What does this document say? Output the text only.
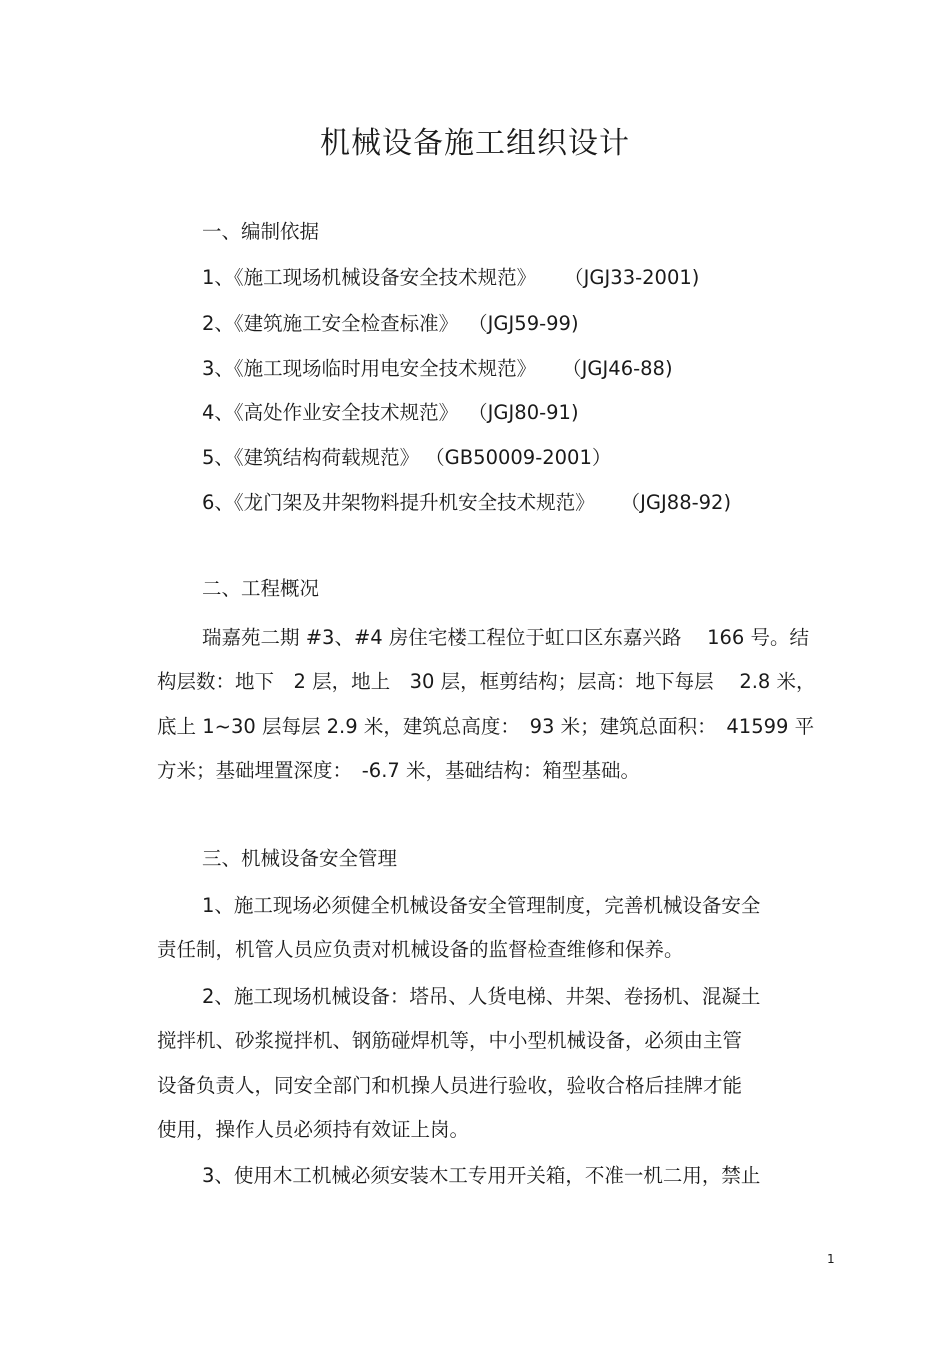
机械设备施工组织设计
一、编制依据
1、《施工现场机械设备安全技术规范》 （JGJ33-2001)
2、《建筑施工安全检查标准》 （JGJ59-99)
3、《施工现场临时用电安全技术规范》 （JGJ46-88)
4、《高处作业安全技术规范》 （JGJ80-91)
5、《建筑结构荷载规范》 （GB50009-2001）
6、《龙门架及井架物料提升机安全技术规范》 （JGJ88-92)
二、工程概况
瑞嘉苑二期 #3、#4 房住宅楼工程位于虹口区东嘉兴路　 166 号。结
构层数：地下　2 层，地上　30 层，框剪结构；层高：地下每层　 2.8 米，
底上 1~30 层每层 2.9 米，建筑总高度：　93 米；建筑总面积：　41599 平
方米；基础埋置深度：　-6.7 米，基础结构：箱型基础。
三、机械设备安全管理
1、施工现场必须健全机械设备安全管理制度，完善机械设备安全
责任制，机管人员应负责对机械设备的监督检查维修和保养。
2、施工现场机械设备：塔吊、人货电梯、井架、卷扬机、混凝土
搅拌机、砂浆搅拌机、钢筋碰焊机等，中小型机械设备，必须由主管
设备负责人，同安全部门和机操人员进行验收，验收合格后挂牌才能
使用，操作人员必须持有效证上岗。
3、使用木工机械必须安装木工专用开关箱，不准一机二用，禁止
1
